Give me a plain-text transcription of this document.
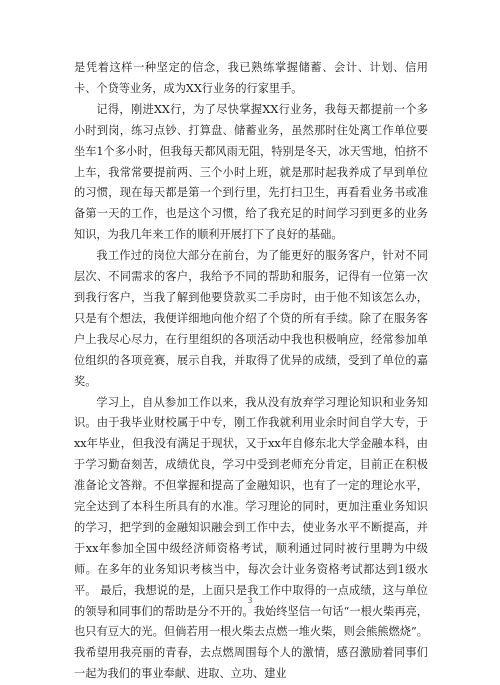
是凭着这样一种坚定的信念，我已熟练掌握储蓄、会计、计划、信用卡、个贷等业务，成为XX行业务的行家里手。

记得，刚进XX行，为了尽快掌握XX行业务，我每天都提前一个多小时到岗，练习点钞、打算盘、储蓄业务，虽然那时住处离工作单位要坐车1个多小时，但我每天都风雨无阻，特别是冬天，冰天雪地，怕挤不上车，我常常要提前两、三个小时上班，就是那时起我养成了早到单位的习惯，现在每天都是第一个到行里，先打扫卫生，再看看业务书或准备第一天的工作，也是这个习惯，给了我充足的时间学习到更多的业务知识，为我几年来工作的顺利开展打下了良好的基础。

我工作过的岗位大部分在前台，为了能更好的服务客户，针对不同层次、不同需求的客户，我给予不同的帮助和服务，记得有一位第一次到我行客户，当我了解到他要贷款买二手房时，由于他不知该怎么办，只是有个想法，我便详细地向他介绍了个贷的所有手续。除了在服务客户上我尽心尽力，在行里组织的各项活动中我也积极响应，经常参加单位组织的各项竞赛，展示自我，并取得了优异的成绩，受到了单位的嘉奖。

学习上，自从参加工作以来，我从没有放弃学习理论知识和业务知识。由于我毕业财校属于中专，刚工作我就利用业余时间自学大专，于xx年毕业，但我没有满足于现状，又于xx年自修东北大学金融本科，由于学习勤奋刻苦，成绩优良，学习中受到老师充分肯定，目前正在积极准备论文答辩。不但掌握和提高了金融知识，也有了一定的理论水平，完全达到了本科生所具有的水准。学习理论的同时，更加注重业务知识的学习，把学到的金融知识融会到工作中去，使业务水平不断提高，并于xx年参加全国中级经济师资格考试，顺利通过同时被行里聘为中级师。在多年的业务知识考核当中，每次会计业务资格考试都达到1级水平。 最后，我想说的是，上面只是我工作中取得的一点成绩，这与单位的领导和同事们的帮助是分不开的。我始终坚信一句话“一根火柴再亮，也只有豆大的光。但倘若用一根火柴去点燃一堆火柴，则会熊熊燃烧”。我希望用我亮丽的青春，去点燃周围每个人的激情，感召激励着同事们一起为我们的事业奉献、进取、立功、建业

3
